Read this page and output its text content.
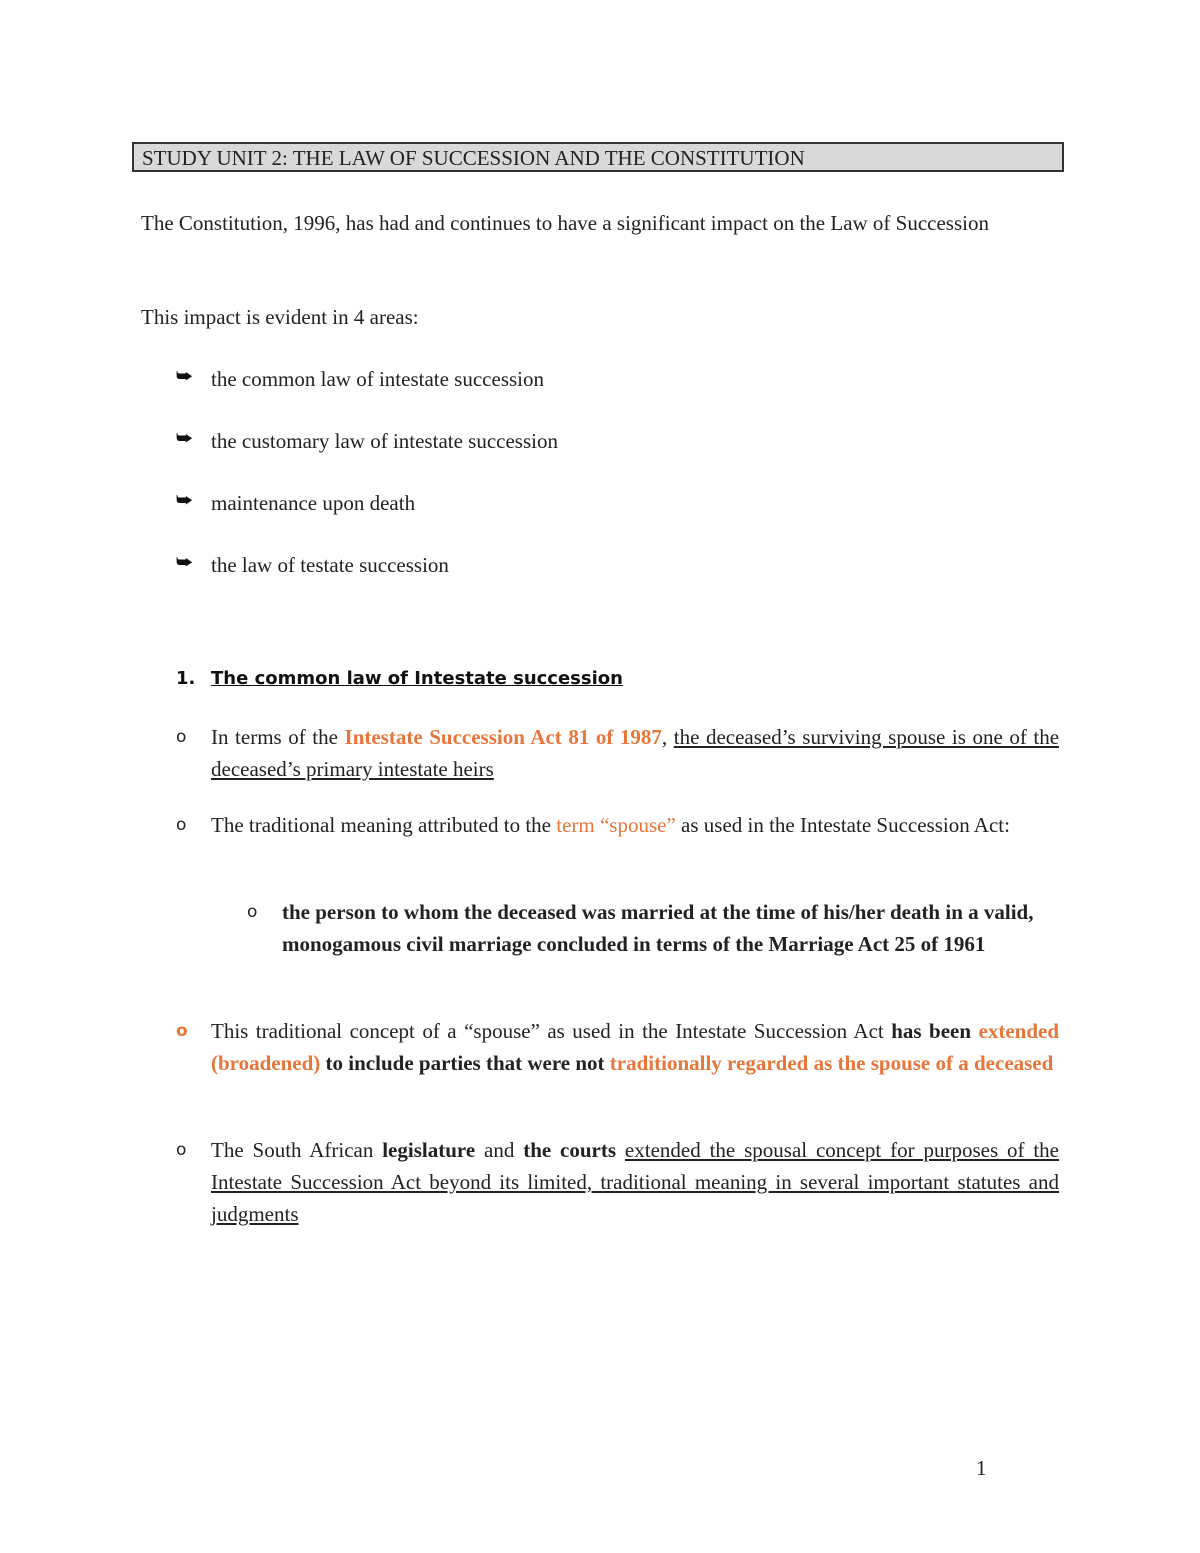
STUDY UNIT 2: THE LAW OF SUCCESSION AND THE CONSTITUTION
The Constitution, 1996, has had and continues to have a significant impact on the Law of Succession
This impact is evident in 4 areas:
⮩ the common law of intestate succession
⮩ the customary law of intestate succession
⮩ maintenance upon death
⮩ the law of testate succession
1. The common law of Intestate succession
o In terms of the Intestate Succession Act 81 of 1987, the deceased’s surviving spouse is one of the deceased’s primary intestate heirs
o The traditional meaning attributed to the term “spouse” as used in the Intestate Succession Act:
o the person to whom the deceased was married at the time of his/her death in a valid, monogamous civil marriage concluded in terms of the Marriage Act 25 of 1961
o This traditional concept of a “spouse” as used in the Intestate Succession Act has been extended (broadened) to include parties that were not traditionally regarded as the spouse of a deceased
o The South African legislature and the courts extended the spousal concept for purposes of the Intestate Succession Act beyond its limited, traditional meaning in several important statutes and judgments
1
